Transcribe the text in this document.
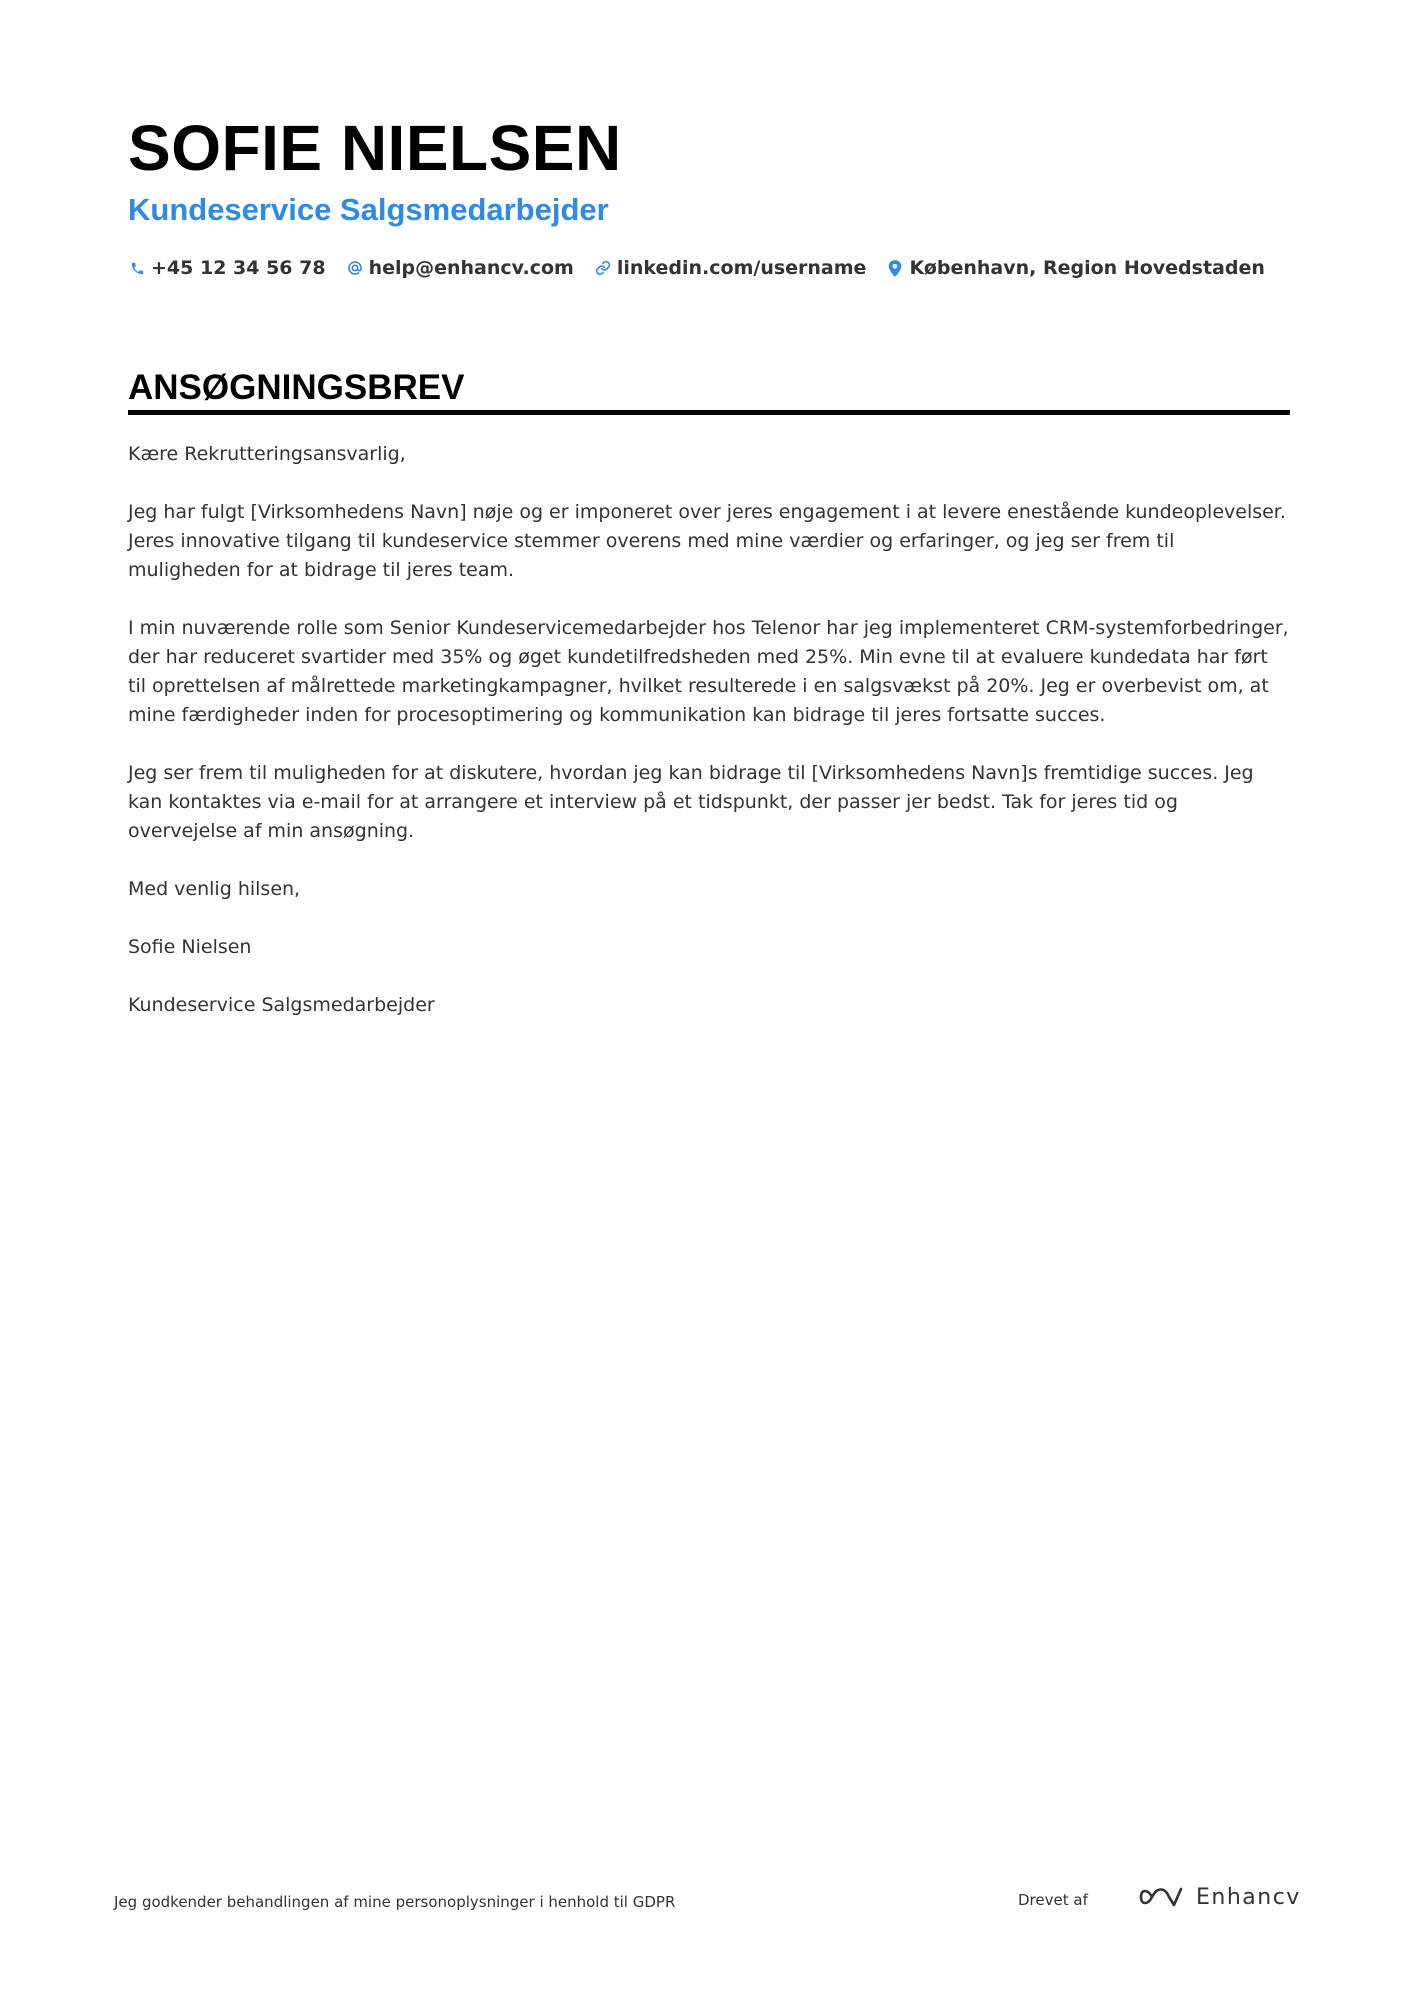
SOFIE NIELSEN
Kundeservice Salgsmedarbejder
+45 12 34 56 78 help@enhancv.com linkedin.com/username København, Region Hovedstaden
ANSØGNINGSBREV

Kære Rekrutteringsansvarlig,

Jeg har fulgt [Virksomhedens Navn] nøje og er imponeret over jeres engagement i at levere enestående kundeoplevelser. Jeres innovative tilgang til kundeservice stemmer overens med mine værdier og erfaringer, og jeg ser frem til muligheden for at bidrage til jeres team.

I min nuværende rolle som Senior Kundeservicemedarbejder hos Telenor har jeg implementeret CRM-systemforbedringer, der har reduceret svartider med 35% og øget kundetilfredsheden med 25%. Min evne til at evaluere kundedata har ført til oprettelsen af målrettede marketingkampagner, hvilket resulterede i en salgsvækst på 20%. Jeg er overbevist om, at mine færdigheder inden for procesoptimering og kommunikation kan bidrage til jeres fortsatte succes.

Jeg ser frem til muligheden for at diskutere, hvordan jeg kan bidrage til [Virksomhedens Navn]s fremtidige succes. Jeg kan kontaktes via e-mail for at arrangere et interview på et tidspunkt, der passer jer bedst. Tak for jeres tid og overvejelse af min ansøgning.

Med venlig hilsen,

Sofie Nielsen

Kundeservice Salgsmedarbejder

Jeg godkender behandlingen af mine personoplysninger i henhold til GDPR	Drevet af	Enhancv
